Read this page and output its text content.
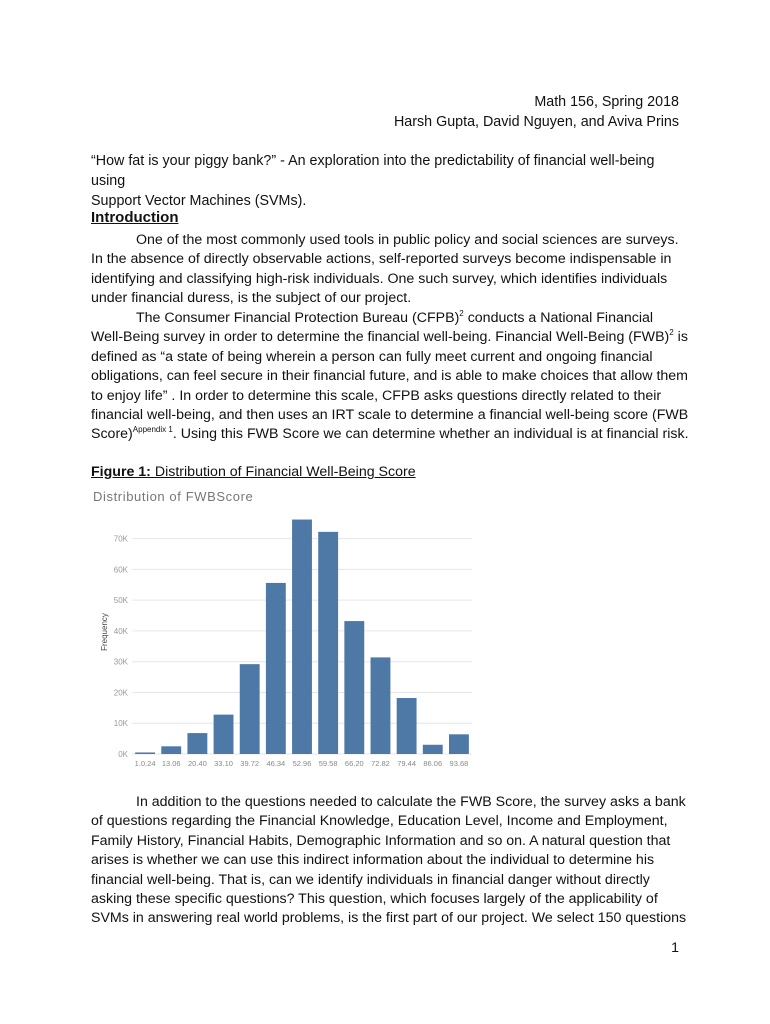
Math 156, Spring 2018
Harsh Gupta, David Nguyen, and Aviva Prins
“How fat is your piggy bank?” - An exploration into the predictability of financial well-being using
Support Vector Machines (SVMs).
Introduction
One of the most commonly used tools in public policy and social sciences are surveys.
In the absence of directly observable actions, self-reported surveys become indispensable in
identifying and classifying high-risk individuals. One such survey, which identifies individuals
under financial duress, is the subject of our project.
The Consumer Financial Protection Bureau (CFPB)$^2$ conducts a National Financial
Well-Being survey in order to determine the financial well-being. Financial Well-Being (FWB)$^2$ is
defined as “a state of being wherein a person can fully meet current and ongoing financial
obligations, can feel secure in their financial future, and is able to make choices that allow them
to enjoy life” . In order to determine this scale, CFPB asks questions directly related to their
financial well-being, and then uses an IRT scale to determine a financial well-being score (FWB
Score)$^{Appendix 1}$. Using this FWB Score we can determine whether an individual is at financial risk.
Figure 1: Distribution of Financial Well-Being Score
Distribution of FWBScore
Frequency
0K
10K
20K
30K
40K
50K
60K
70K
1.0.24 13.06 20.40 33.10 39.72 46.34 52.96 59.58 66.20 72.82 79.44 86.06 93.68
In addition to the questions needed to calculate the FWB Score, the survey asks a bank
of questions regarding the Financial Knowledge, Education Level, Income and Employment,
Family History, Financial Habits, Demographic Information and so on. A natural question that
arises is whether we can use this indirect information about the individual to determine his
financial well-being. That is, can we identify individuals in financial danger without directly
asking these specific questions? This question, which focuses largely of the applicability of
SVMs in answering real world problems, is the first part of our project. We select 150 questions
1
